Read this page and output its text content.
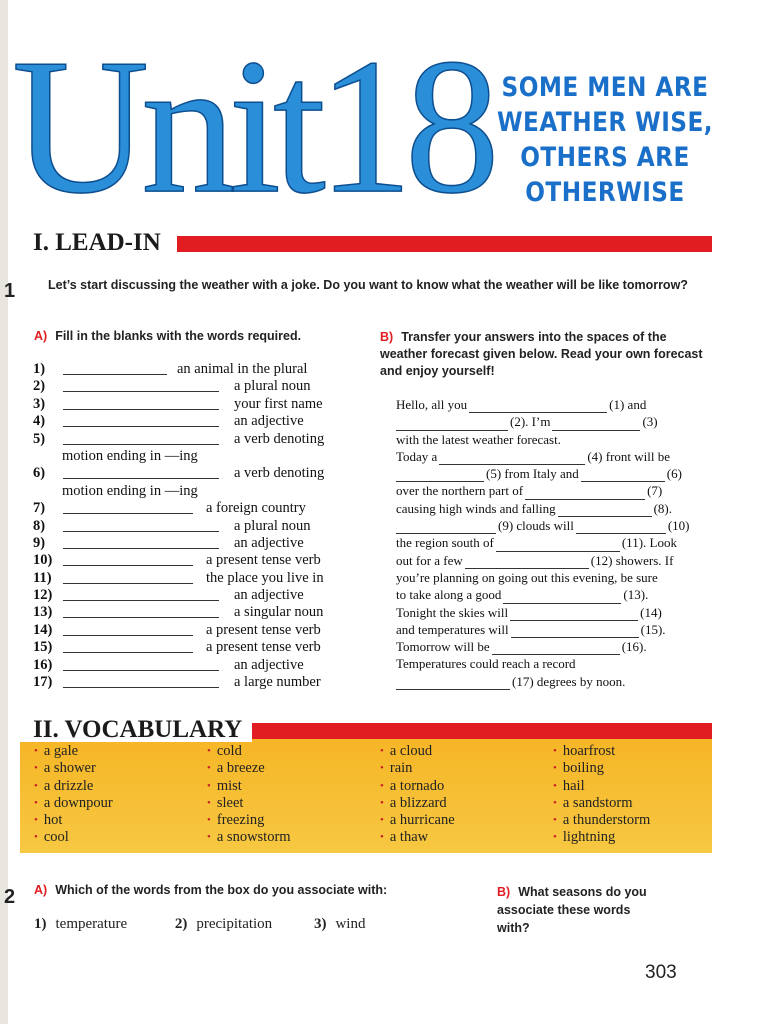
Unit18 SOME MEN ARE
WEATHER WISE,
OTHERS ARE
OTHERWISE
I. LEAD-IN
1	Let’s start discussing the weather with a joke. Do you want to know what the weather will be like tomorrow?
A) Fill in the blanks with the words required.	B) Transfer your answers into the spaces of the weather forecast given below. Read your own forecast and enjoy yourself!
1)	an animal in the plural
2)	a plural noun
3)	your first name
4)	an adjective
5)	a verb denoting
motion ending in —ing
6)	a verb denoting
motion ending in —ing
7)	a foreign country
8)	a plural noun
9)	an adjective
10)	a present tense verb
11)	the place you live in
12)	an adjective
13)	a singular noun
14)	a present tense verb
15)	a present tense verb
16)	an adjective
17)	a large number
Hello, all you	(1) and
(2). I’m	(3)
with the latest weather forecast.
Today a	(4) front will be
(5) from Italy and	(6)
over the northern part of	(7)
causing high winds and falling	(8).
(9) clouds will	(10)
the region south of	(11). Look
out for a few	(12) showers. If
you’re planning on going out this evening, be sure
to take along a good	(13).
Tonight the skies will	(14)
and temperatures will	(15).
Tomorrow will be	(16).
Temperatures could reach a record
(17) degrees by noon.
II. VOCABULARY
• a gale
• a shower
• a drizzle
• a downpour
• hot
• cool
• cold
• a breeze
• mist
• sleet
• freezing
• a snowstorm
• a cloud
• rain
• a tornado
• a blizzard
• a hurricane
• a thaw
• hoarfrost
• boiling
• hail
• a sandstorm
• a thunderstorm
• lightning
2 A) Which of the words from the box do you associate with:	B) What seasons do you associate these words with?
1) temperature	2) precipitation	3) wind
303
